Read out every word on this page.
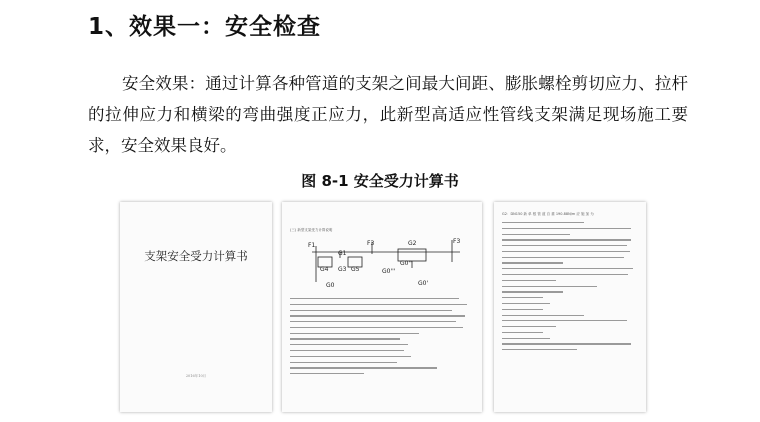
1、效果一：安全检查

安全效果：通过计算各种管道的支架之间最大间距、膨胀螺栓剪切应力、拉杆的拉伸应力和横梁的弯曲强度正应力，此新型高适应性管线支架满足现场施工要求，安全效果良好。

图 8-1 安全受力计算书
支架安全受力计算书
2016年10月
(三) 新型支架受力计算说明
F1
G1
F3	G2	F3
G4 G3 G5
G0''
G0'''
G0	G0'
G2：DN150 新 单 根 管 道 自 重 190.88N/m 应 施 加 为
